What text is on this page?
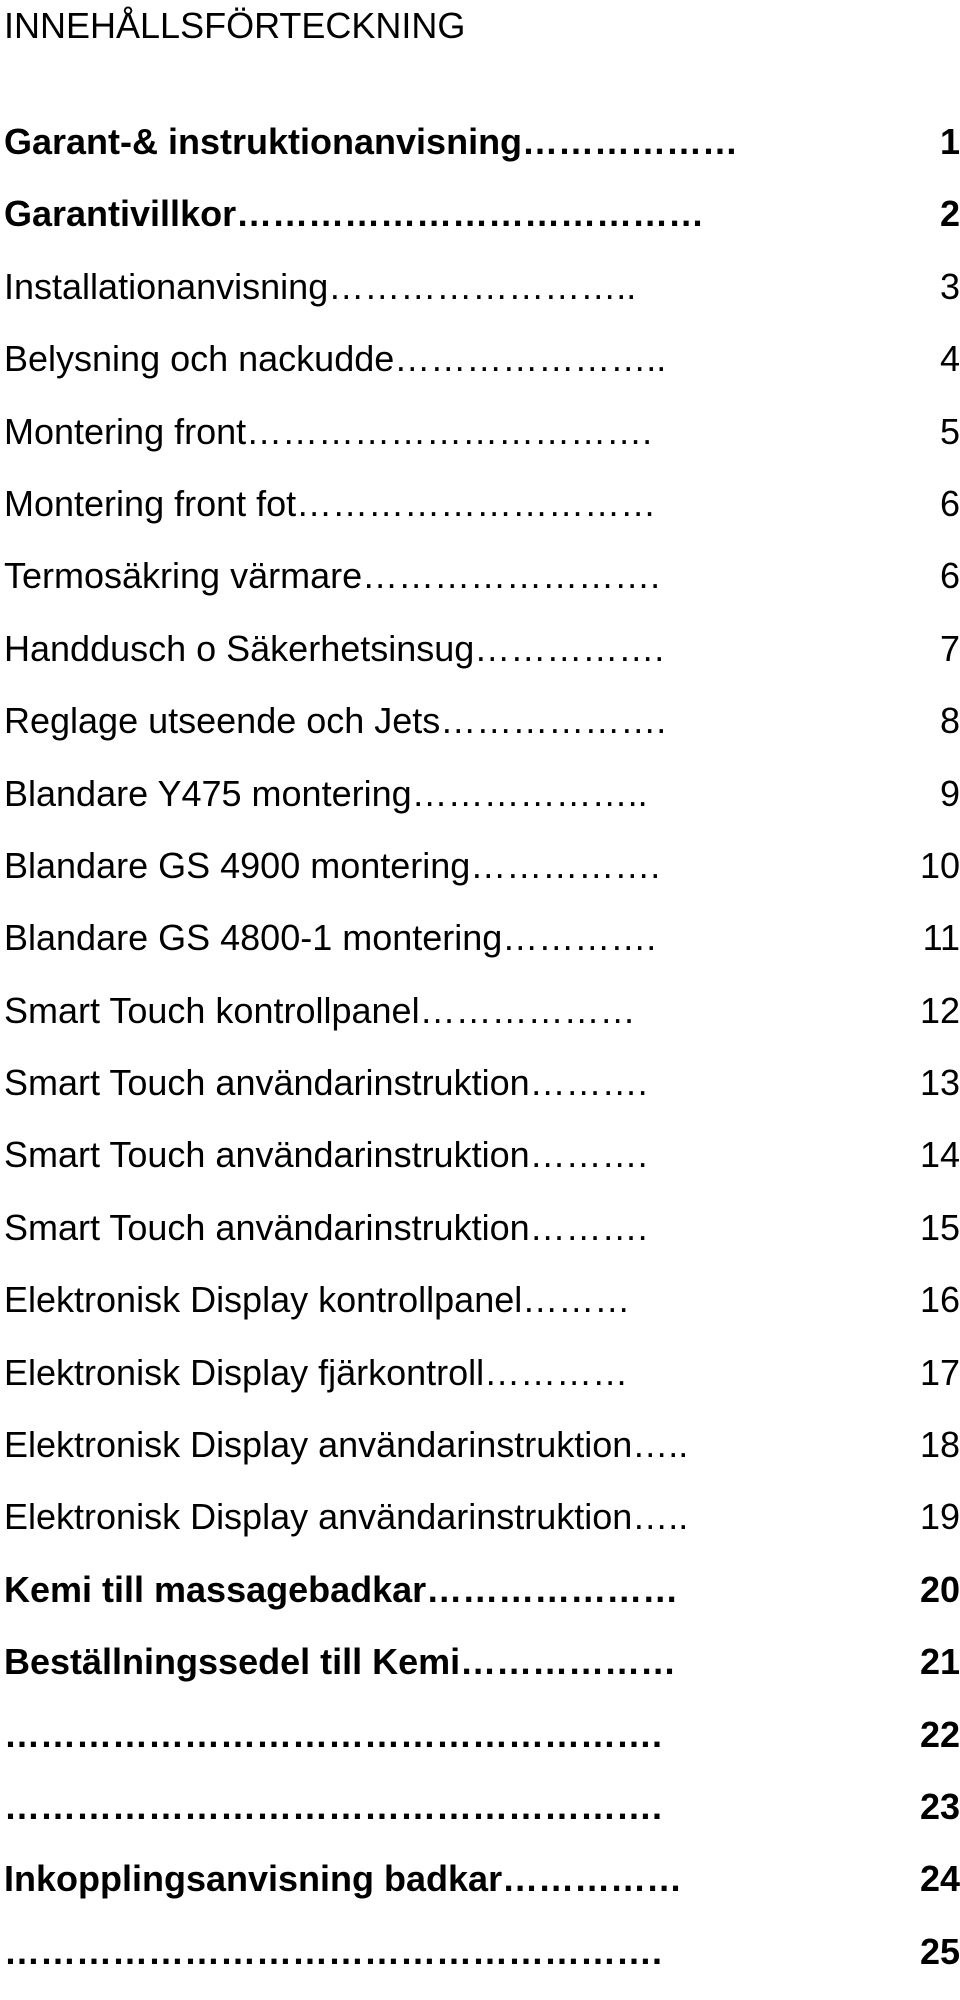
INNEHÅLLSFÖRTECKNING
Garant-& instruktionanvisning………………	1
Garantivillkor…………………………………	2
Installationanvisning……………………..	3
Belysning och nackudde…………………..	4
Montering front…………………………….	5
Montering front fot…………………………	6
Termosäkring värmare…………………….	6
Handdusch o Säkerhetsinsug…………….	7
Reglage utseende och Jets……………….	8
Blandare Y475 montering………………..	9
Blandare GS 4900 montering…………….	10
Blandare GS 4800-1 montering………….	11
Smart Touch kontrollpanel………………	12
Smart Touch användarinstruktion……….	13
Smart Touch användarinstruktion……….	14
Smart Touch användarinstruktion……….	15
Elektronisk Display kontrollpanel………	16
Elektronisk Display fjärkontroll…………	17
Elektronisk Display användarinstruktion…..	18
Elektronisk Display användarinstruktion…..	19
Kemi till massagebadkar…………………	20
Beställningssedel till Kemi………………	21
……………………………………………….	22
……………………………………………….	23
Inkopplingsanvisning badkar……………	24
……………………………………………….	25
